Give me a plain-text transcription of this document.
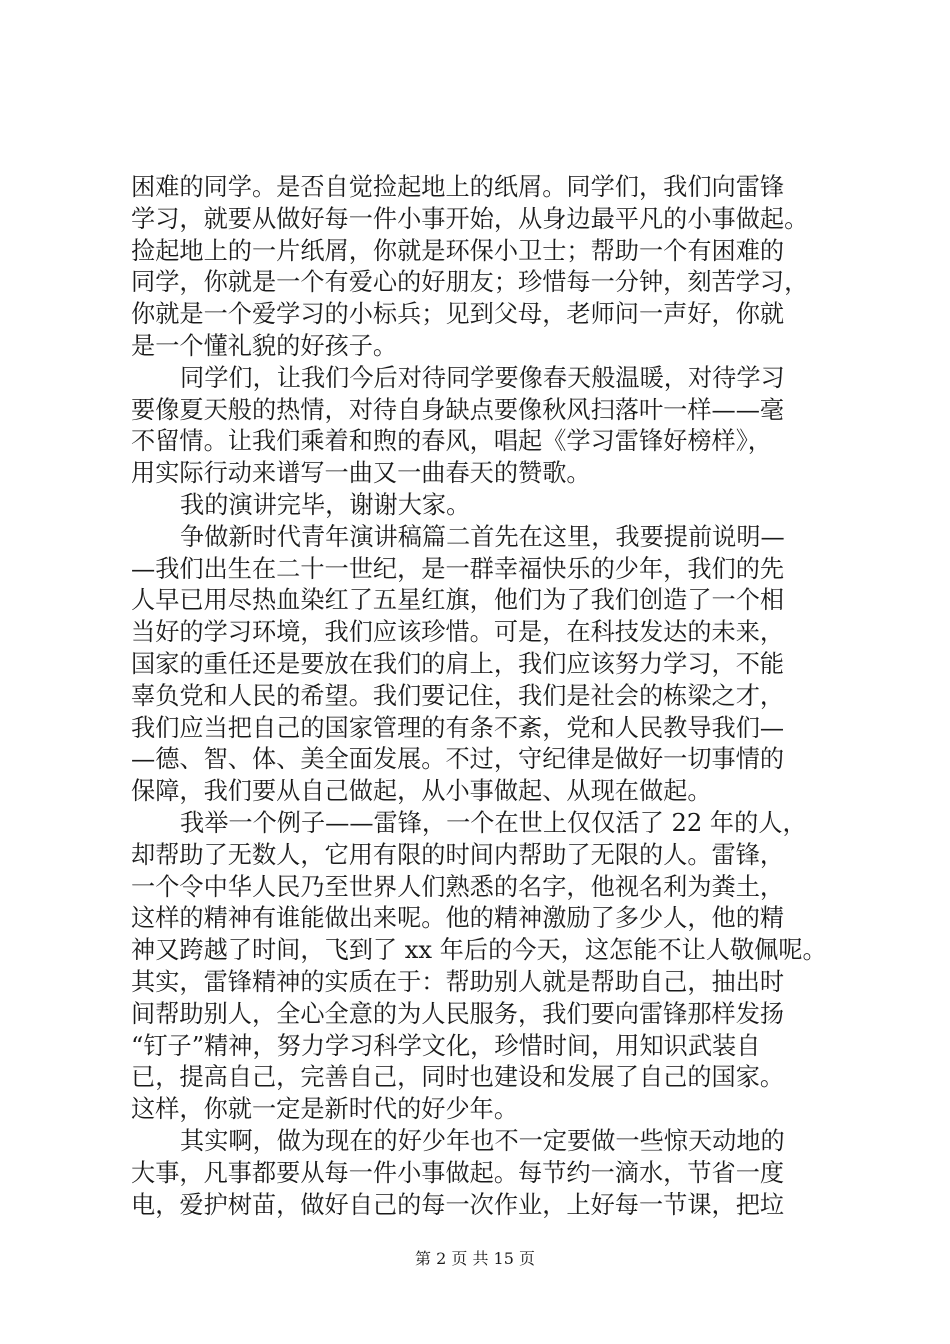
困难的同学。是否自觉捡起地上的纸屑。同学们，我们向雷锋
学习，就要从做好每一件小事开始，从身边最平凡的小事做起。
捡起地上的一片纸屑，你就是环保小卫士；帮助一个有困难的
同学，你就是一个有爱心的好朋友；珍惜每一分钟，刻苦学习，
你就是一个爱学习的小标兵；见到父母，老师问一声好，你就
是一个懂礼貌的好孩子。
同学们，让我们今后对待同学要像春天般温暖，对待学习
要像夏天般的热情，对待自身缺点要像秋风扫落叶一样——毫
不留情。让我们乘着和煦的春风，唱起《学习雷锋好榜样》，
用实际行动来谱写一曲又一曲春天的赞歌。
我的演讲完毕，谢谢大家。
争做新时代青年演讲稿篇二首先在这里，我要提前说明—
—我们出生在二十一世纪，是一群幸福快乐的少年，我们的先
人早已用尽热血染红了五星红旗，他们为了我们创造了一个相
当好的学习环境，我们应该珍惜。可是，在科技发达的未来，
国家的重任还是要放在我们的肩上，我们应该努力学习，不能
辜负党和人民的希望。我们要记住，我们是社会的栋梁之才，
我们应当把自己的国家管理的有条不紊，党和人民教导我们—
—德、智、体、美全面发展。不过，守纪律是做好一切事情的
保障，我们要从自己做起，从小事做起、从现在做起。
我举一个例子——雷锋，一个在世上仅仅活了 22 年的人，
却帮助了无数人，它用有限的时间内帮助了无限的人。雷锋，
一个令中华人民乃至世界人们熟悉的名字，他视名利为粪土，
这样的精神有谁能做出来呢。他的精神激励了多少人，他的精
神又跨越了时间，飞到了 xx 年后的今天，这怎能不让人敬佩呢。
其实，雷锋精神的实质在于：帮助别人就是帮助自己，抽出时
间帮助别人，全心全意的为人民服务，我们要向雷锋那样发扬
“钉子”精神，努力学习科学文化，珍惜时间，用知识武装自
已，提高自己，完善自己，同时也建设和发展了自己的国家。
这样，你就一定是新时代的好少年。
其实啊，做为现在的好少年也不一定要做一些惊天动地的
大事，凡事都要从每一件小事做起。每节约一滴水，节省一度
电，爱护树苗，做好自己的每一次作业，上好每一节课，把垃
第 2 页 共 15 页
